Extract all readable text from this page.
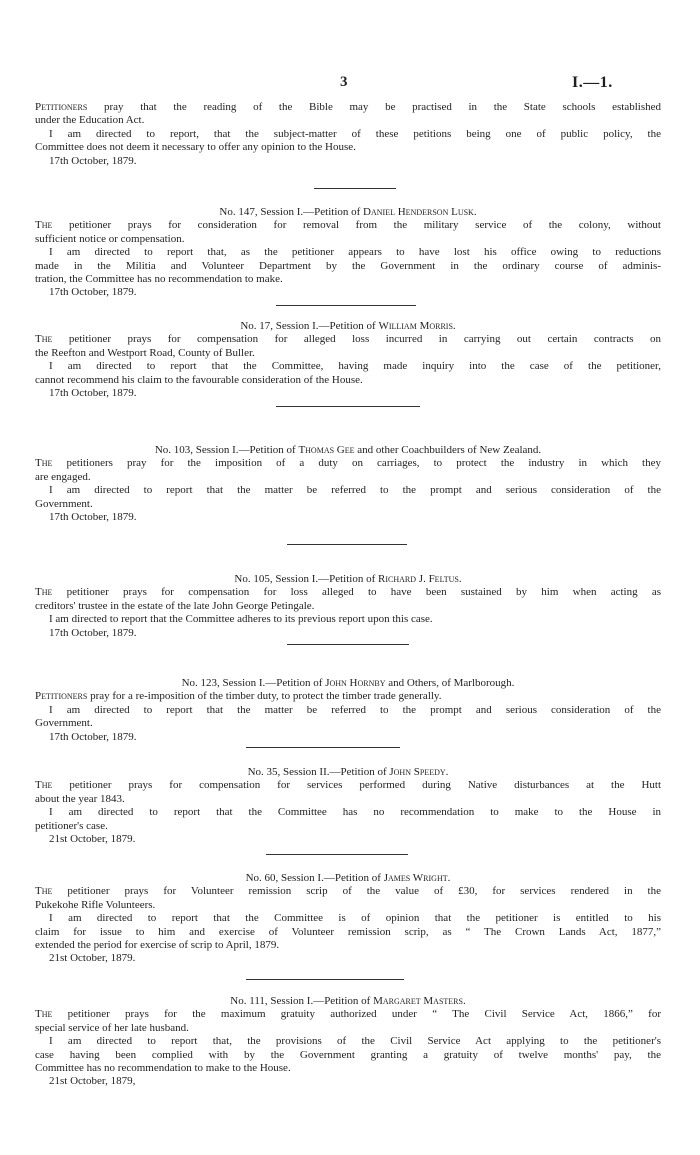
3	I.—1.
Petitioners pray that the reading of the Bible may be practised in the State schools established
under the Education Act.
I am directed to report, that the subject-matter of these petitions being one of public policy, the
Committee does not deem it necessary to offer any opinion to the House.
17th October, 1879.
No. 147, Session I.—Petition of Daniel Henderson Lusk.
The petitioner prays for consideration for removal from the military service of the colony, without
sufficient notice or compensation.
I am directed to report that, as the petitioner appears to have lost his office owing to reductions
made in the Militia and Volunteer Department by the Government in the ordinary course of adminis-
tration, the Committee has no recommendation to make.
17th October, 1879.
No. 17, Session I.—Petition of William Morris.
The petitioner prays for compensation for alleged loss incurred in carrying out certain contracts on
the Reefton and Westport Road, County of Buller.
I am directed to report that the Committee, having made inquiry into the case of the petitioner,
cannot recommend his claim to the favourable consideration of the House.
17th October, 1879.
No. 103, Session I.—Petition of Thomas Gee and other Coachbuilders of New Zealand.
The petitioners pray for the imposition of a duty on carriages, to protect the industry in which they
are engaged.
I am directed to report that the matter be referred to the prompt and serious consideration of the
Government.
17th October, 1879.
No. 105, Session I.—Petition of Richard J. Feltus.
The petitioner prays for compensation for loss alleged to have been sustained by him when acting as
creditors' trustee in the estate of the late John George Petingale.
I am directed to report that the Committee adheres to its previous report upon this case.
17th October, 1879.
No. 123, Session I.—Petition of John Hornby and Others, of Marlborough.
Petitioners pray for a re-imposition of the timber duty, to protect the timber trade generally.
I am directed to report that the matter be referred to the prompt and serious consideration of the
Government.
17th October, 1879.
No. 35, Session II.—Petition of John Speedy.
The petitioner prays for compensation for services performed during Native disturbances at the Hutt
about the year 1843.
I am directed to report that the Committee has no recommendation to make to the House in
petitioner's case.
21st October, 1879.
No. 60, Session I.—Petition of James Wright.
The petitioner prays for Volunteer remission scrip of the value of £30, for services rendered in the
Pukekohe Rifle Volunteers.
I am directed to report that the Committee is of opinion that the petitioner is entitled to his
claim for issue to him and exercise of Volunteer remission scrip, as “ The Crown Lands Act, 1877,”
extended the period for exercise of scrip to April, 1879.
21st October, 1879.
No. 111, Session I.—Petition of Margaret Masters.
The petitioner prays for the maximum gratuity authorized under “ The Civil Service Act, 1866,” for
special service of her late husband.
I am directed to report that, the provisions of the Civil Service Act applying to the petitioner's
case having been complied with by the Government granting a gratuity of twelve months' pay, the
Committee has no recommendation to make to the House.
21st October, 1879,
